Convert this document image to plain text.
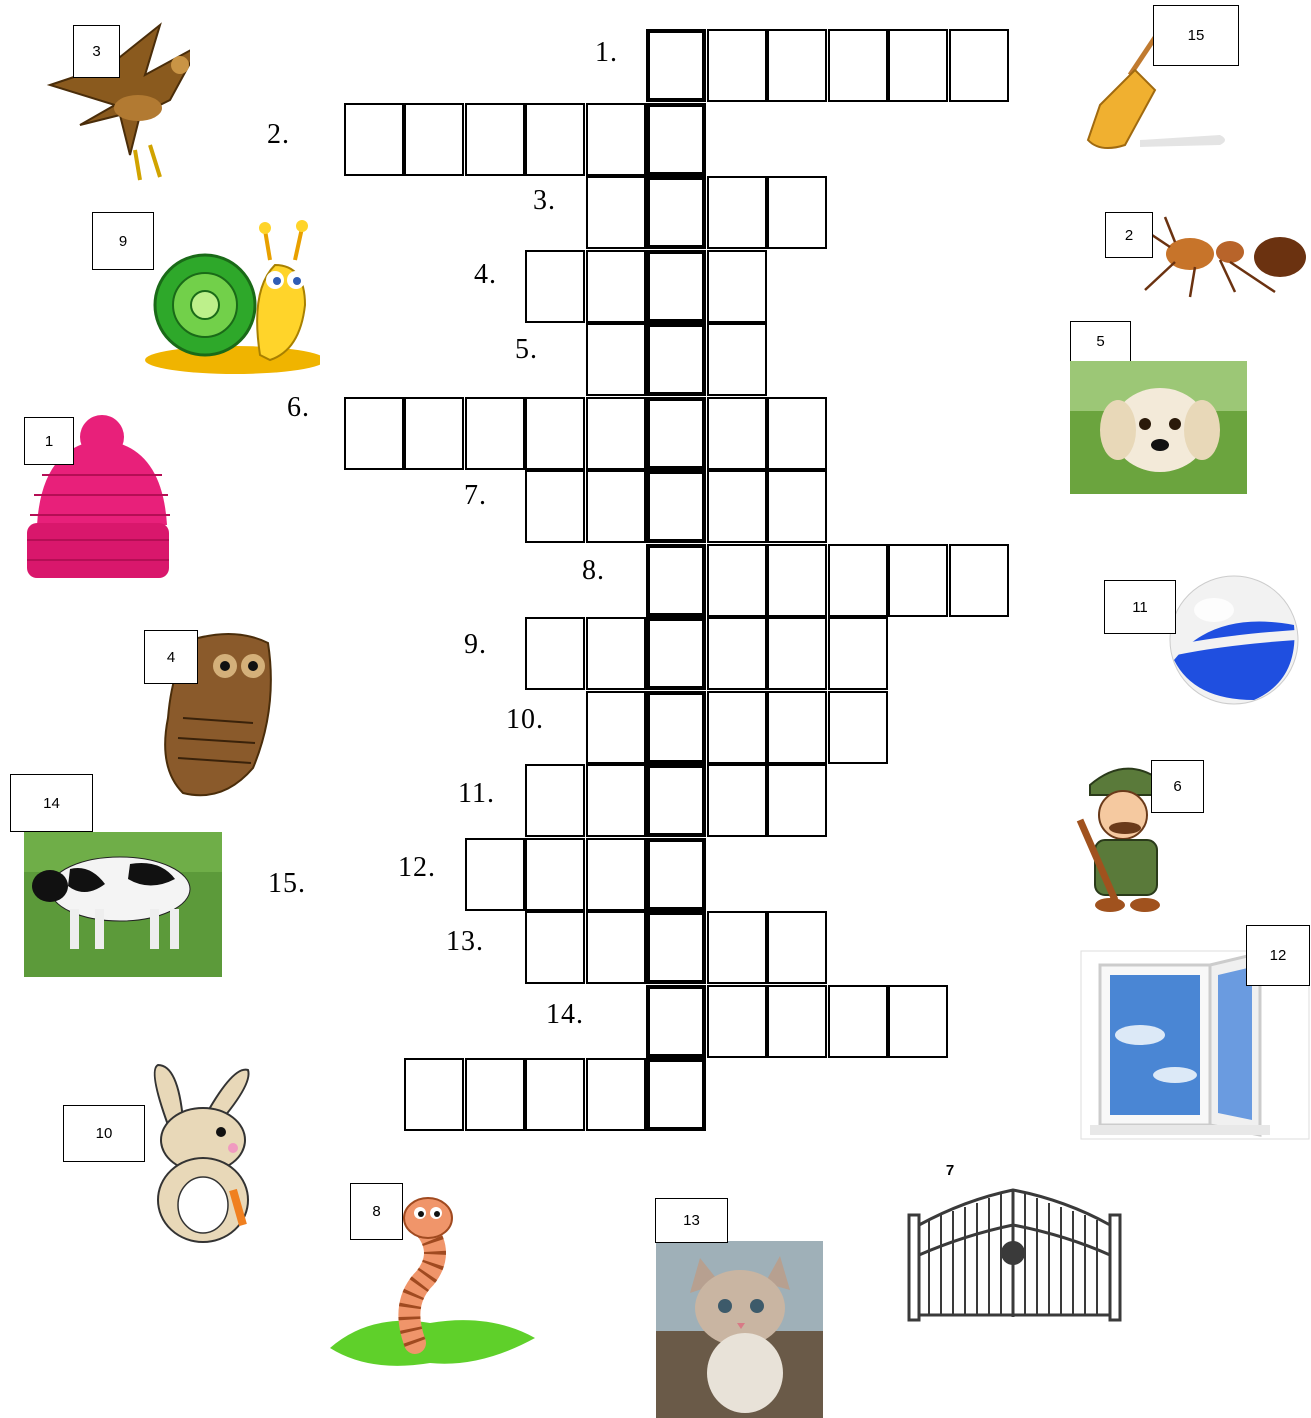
1.
2.
3.
4.
5.
6.
7.
8.
9.
10.
11.
12.
13.
14.
15.
3
9
1
4
14
10
8
13
7
15
2
5
11
6
12
